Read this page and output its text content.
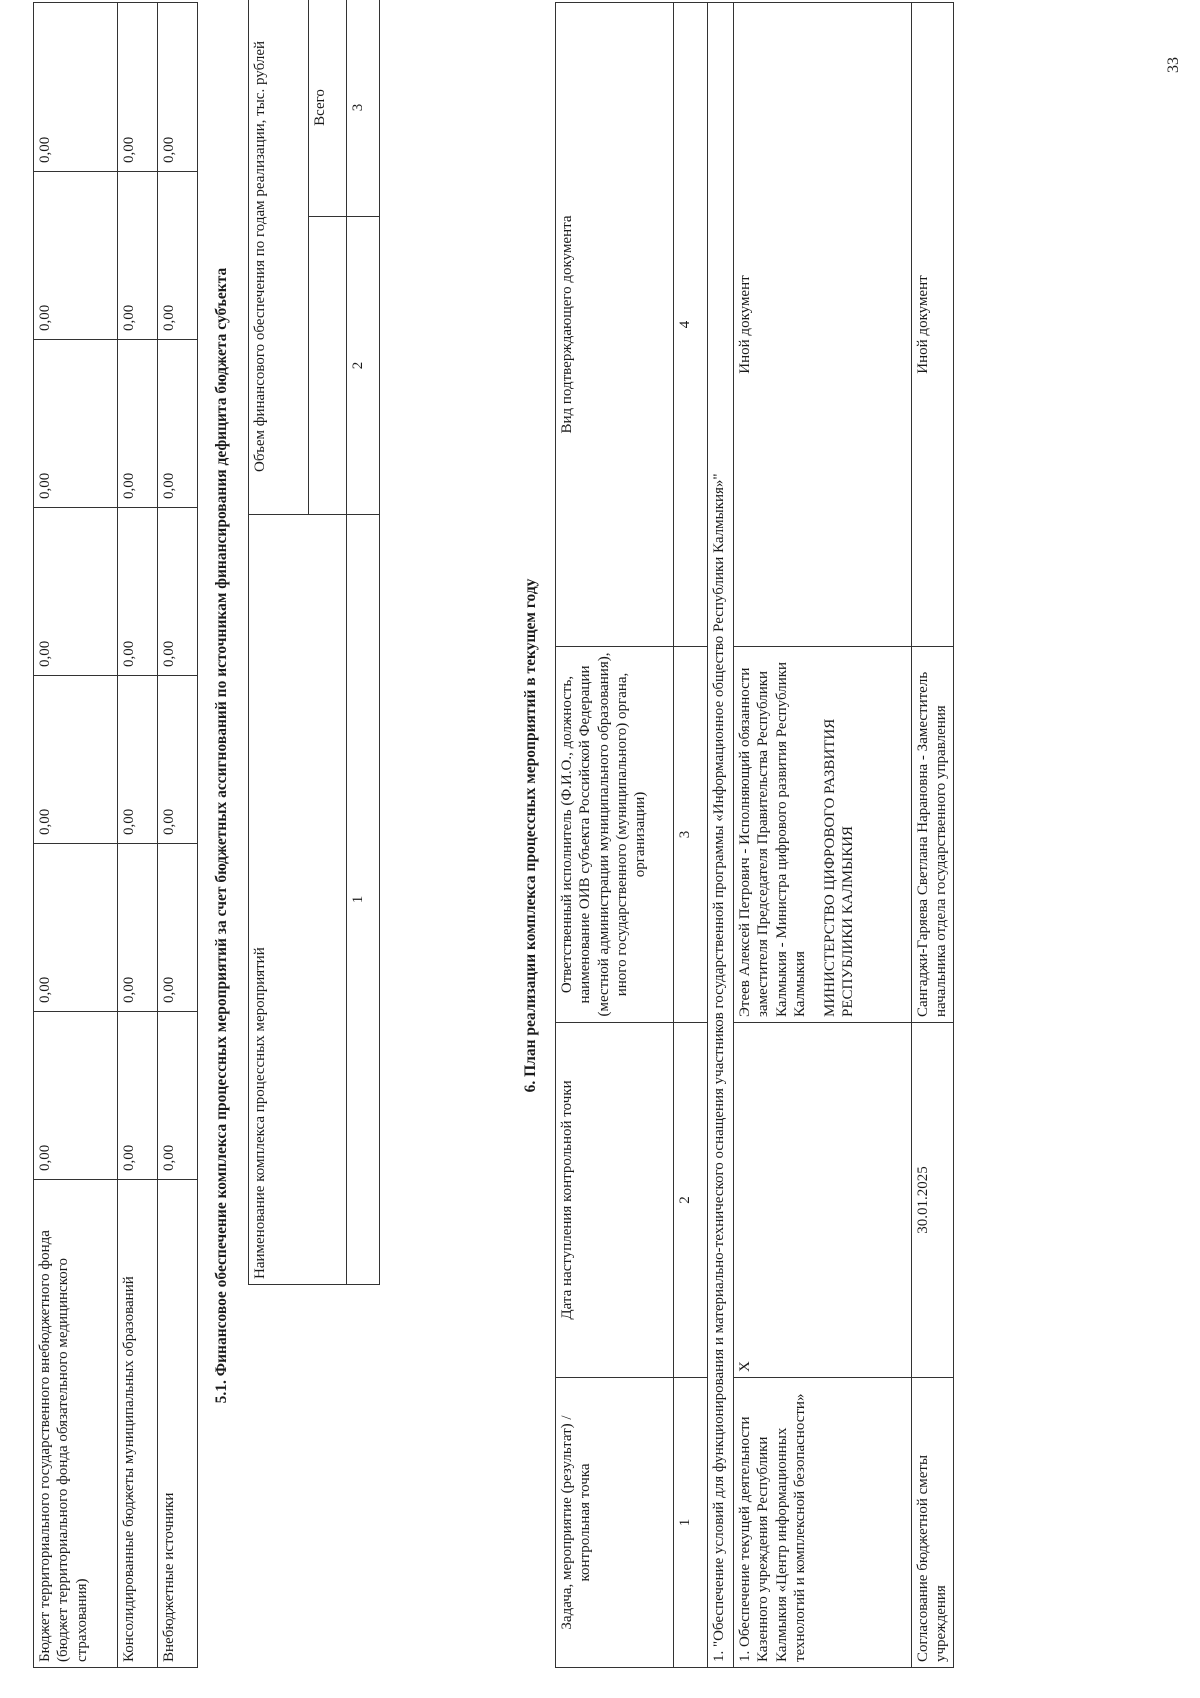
Бюджет территориального государственного внебюджетного фонда (бюджет территориального фонда обязательного медицинского страхования)	0,00	0,00	0,00	0,00	0,00	0,00	0,00
Консолидированные бюджеты муниципальных образований	0,00	0,00	0,00	0,00	0,00	0,00	0,00
Внебюджетные источники	0,00	0,00	0,00	0,00	0,00	0,00	0,00
5.1. Финансовое обеспечение комплекса процессных мероприятий за счет бюджетных ассигнований по источникам финансирования дефицита бюджета субъекта Наименование комплекса процессных мероприятий	Объем финансового обеспечения по годам реализации, тыс. рублей	
		Всего
1	2	3
6. План реализации комплекса процессных мероприятий в текущем году
Задача, мероприятие (результат) / контрольная точка	Дата наступления контрольной точки	Ответственный исполнитель (Ф.И.О., должность, наименование ОИВ субъекта Российской Федерации (местной администрации муниципального образования), иного государственного (муниципального) органа, организации)	Вид подтверждающего документа
1	2	3	4
1. "Обеспечение условий для функционирования и материально-технического оснащения участников государственной программы «Информационное общество Республики Калмыкия»"			
1. Обеспечение текущей деятельности Казенного учреждения Республики Калмыкия «Центр информационных технологий и комплексной безопасности»	X	Этеев Алексей Петрович - Исполняющий обязанности заместителя Председателя Правительства Республики Калмыкия - Министра цифрового развития Республики Калмыкия МИНИСТЕРСТВО ЦИФРОВОГО РАЗВИТИЯ РЕСПУБЛИКИ КАЛМЫКИЯ	Иной документ
Согласование бюджетной сметы учреждения	30.01.2025	Сангаджи-Гаряева Светлана Нарановна - Заместитель начальника отдела государственного управления	Иной документ
33
